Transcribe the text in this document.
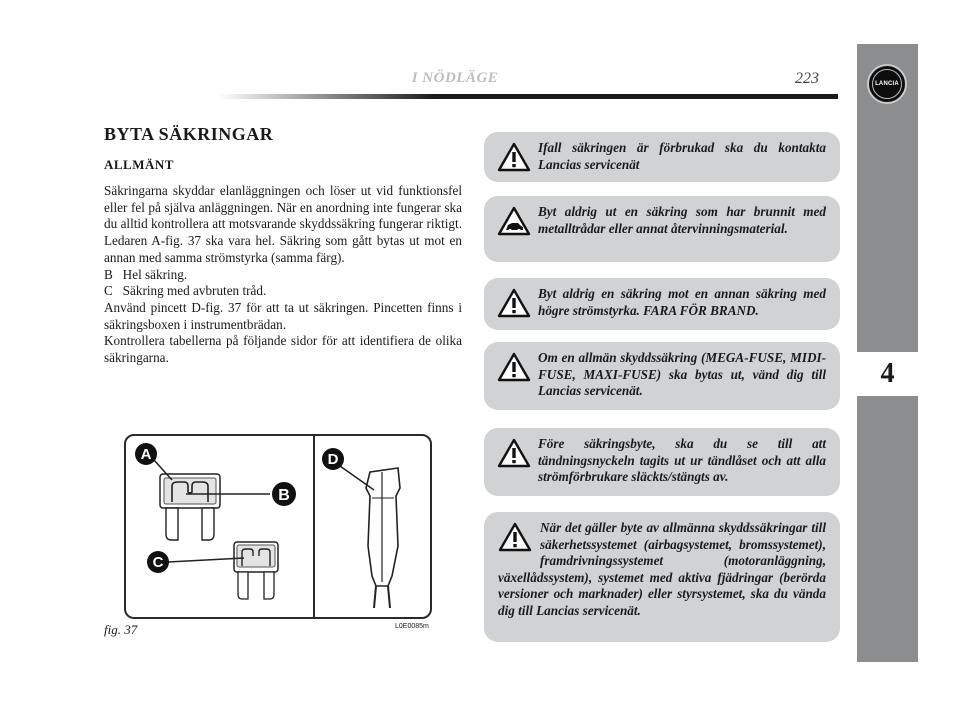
LANCIA
4
I NÖDLÄGE	223
BYTA SÄKRINGAR
ALLMÄNT

Säkringarna skyddar elanläggningen och löser ut vid funktionsfel eller fel på själva anläggningen. När en anordning inte fungerar ska du alltid kontrollera att motsvarande skyddssäkring fungerar riktigt. Ledaren A-fig. 37 ska vara hel. Säkring som gått bytas ut mot en annan med samma strömstyrka (samma färg).

B   Hel säkring.

C   Säkring med avbruten tråd.

Använd pincett D-fig. 37 för att ta ut säkringen. Pincetten finns i säkringsboxen i instrumentbrädan.

Kontrollera tabellerna på följande sidor för att identifiera de olika säkringarna.

A
B
C
D
fig. 37	L0E0085m
Ifall säkringen är förbrukad ska du kontakta Lancias servicenät
Byt aldrig ut en säkring som har brunnit med metalltrådar eller annat återvinningsmaterial.
Byt aldrig en säkring mot en annan säkring med högre strömstyrka. FARA FÖR BRAND.
Om en allmän skyddssäkring (MEGA-FUSE, MIDI-FUSE, MAXI-FUSE) ska bytas ut, vänd dig till Lancias servicenät.
Före säkringsbyte, ska du se till att tändningsnyckeln tagits ut ur tändlåset och att alla strömförbrukare släckts/stängts av.
När det gäller byte av allmänna skyddssäkringar till säkerhetssystemet (airbagsystemet, bromssystemet), framdrivningssystemet (motoranläggning, växellådssystem), systemet med aktiva fjädringar (berörda versioner och marknader) eller styrsystemet, ska du vända dig till Lancias servicenät.
